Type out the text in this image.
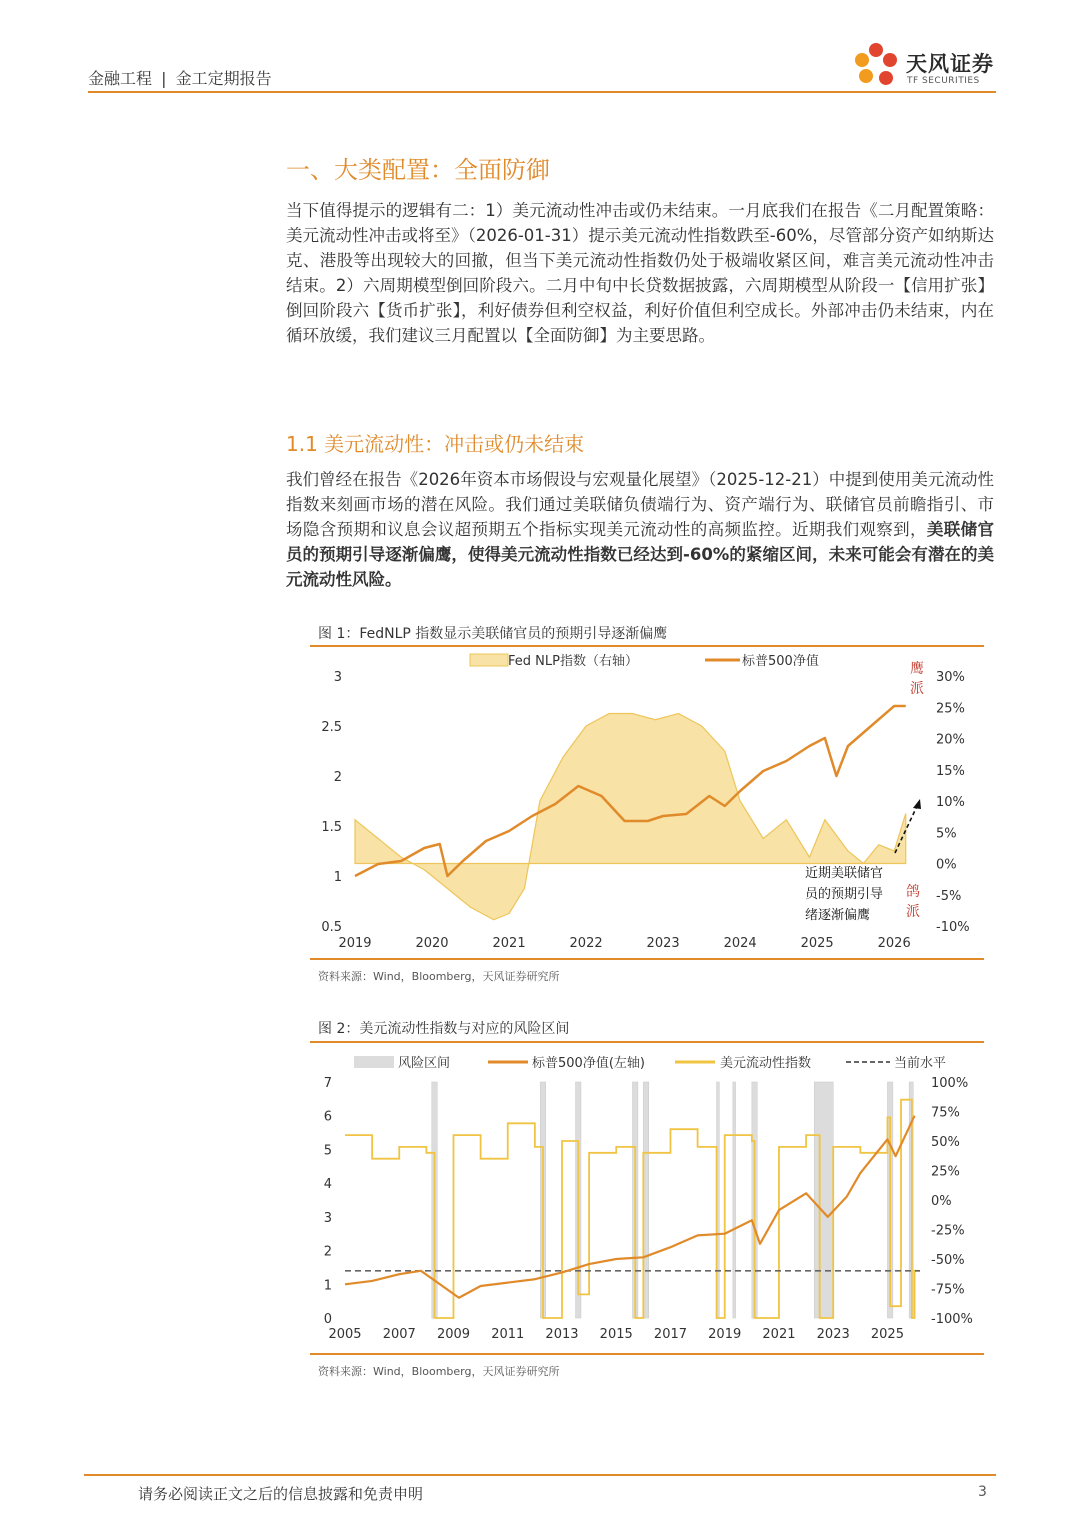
金融工程 | 金工定期报告
天风证券
TF SECURITIES
一、大类配置：全面防御
当下值得提示的逻辑有二：1）美元流动性冲击或仍未结束。一月底我们在报告《二月配置策略：美元流动性冲击或将至》（2026-01-31）提示美元流动性指数跌至-60%，尽管部分资产如纳斯达克、港股等出现较大的回撤，但当下美元流动性指数仍处于极端收紧区间，难言美元流动性冲击结束。2）六周期模型倒回阶段六。二月中旬中长贷数据披露，六周期模型从阶段一【信用扩张】倒回阶段六【货币扩张】，利好债券但利空权益，利好价值但利空成长。外部冲击仍未结束，内在循环放缓，我们建议三月配置以【全面防御】为主要思路。
1.1 美元流动性：冲击或仍未结束
我们曾经在报告《2026年资本市场假设与宏观量化展望》（2025-12-21）中提到使用美元流动性指数来刻画市场的潜在风险。我们通过美联储负债端行为、资产端行为、联储官员前瞻指引、市场隐含预期和议息会议超预期五个指标实现美元流动性的高频监控。近期我们观察到，美联储官员的预期引导逐渐偏鹰，使得美元流动性指数已经达到-60%的紧缩区间，未来可能会有潜在的美元流动性风险。
图 1：FedNLP 指数显示美联储官员的预期引导逐渐偏鹰
Fed NLP指数（右轴）	标普500净值
3
2.5
2
1.5
1
0.5
30%
25%
20%
15%
10%
5%
0%
-5%
-10%
2019	2020	2021	2022	2023	2024	2025	2026
鹰
派
鸽
派
近期美联储官
员的预期引导
绪逐渐偏鹰
资料来源：Wind，Bloomberg，天风证券研究所
图 2：美元流动性指数与对应的风险区间
风险区间	标普500净值(左轴)	美元流动性指数	当前水平
7
6
5
4
3
2
1
0
100%
75%
50%
25%
0%
-25%
-50%
-75%
-100%
2005 2007 2009 2011 2013 2015 2017 2019 2021 2023 2025
资料来源：Wind，Bloomberg，天风证券研究所
请务必阅读正文之后的信息披露和免责申明	3
